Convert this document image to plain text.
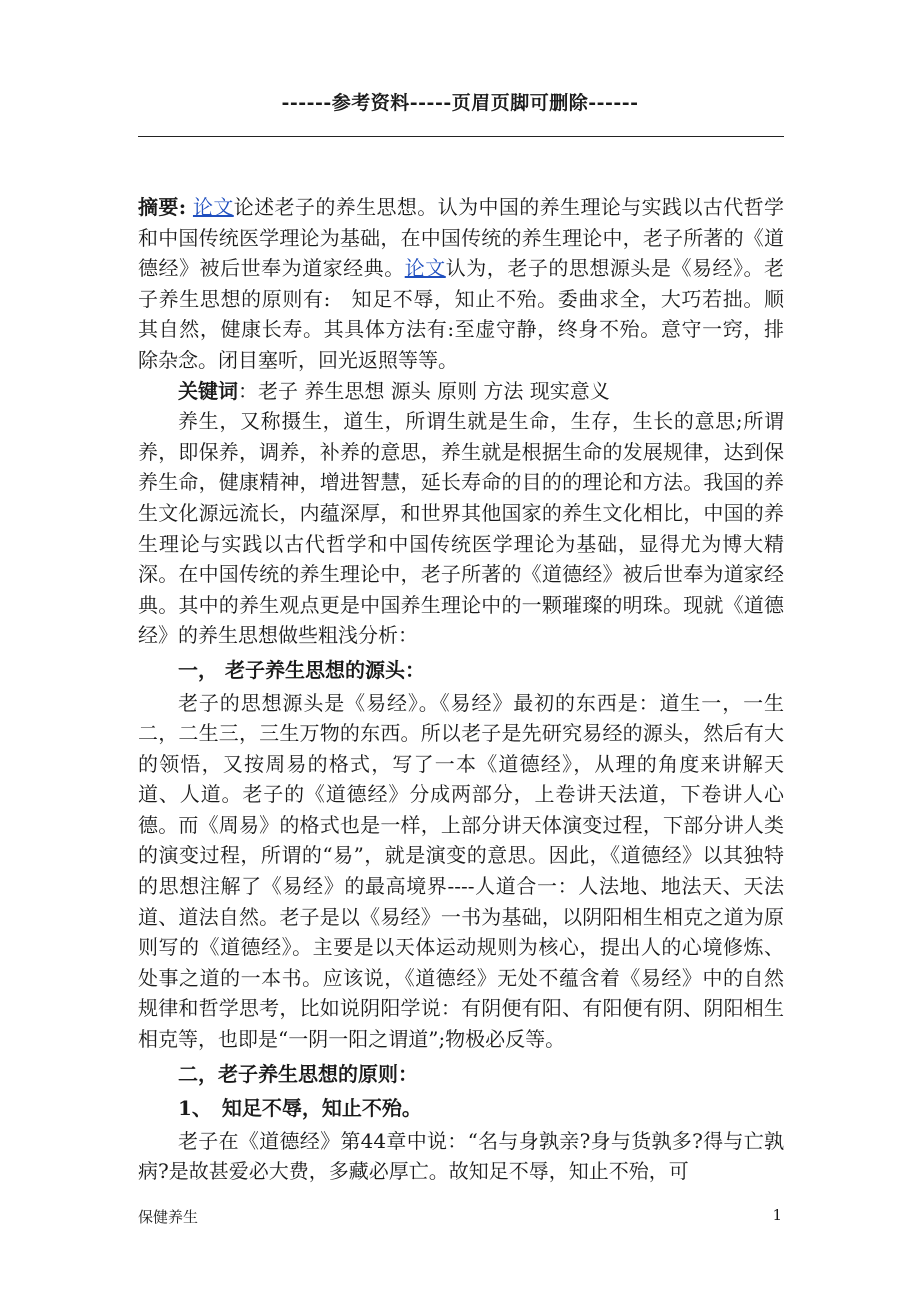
------参考资料-----页眉页脚可删除------

摘要: 论文论述老子的养生思想。认为中国的养生理论与实践以古代哲学和中国传统医学理论为基础，在中国传统的养生理论中，老子所著的《道德经》被后世奉为道家经典。论文认为，老子的思想源头是《易经》。老子养生思想的原则有:　知足不辱，知止不殆。委曲求全，大巧若拙。顺其自然，健康长寿。其具体方法有:至虚守静，终身不殆。意守一窍，排除杂念。闭目塞听，回光返照等等。

关键词：老子 养生思想 源头 原则 方法 现实意义

养生，又称摄生，道生，所谓生就是生命，生存，生长的意思;所谓养，即保养，调养，补养的意思，养生就是根据生命的发展规律，达到保养生命，健康精神，增进智慧，延长寿命的目的的理论和方法。我国的养生文化源远流长，内蕴深厚，和世界其他国家的养生文化相比，中国的养生理论与实践以古代哲学和中国传统医学理论为基础，显得尤为博大精深。在中国传统的养生理论中，老子所著的《道德经》被后世奉为道家经典。其中的养生观点更是中国养生理论中的一颗璀璨的明珠。现就《道德经》的养生思想做些粗浅分析：

一， 老子养生思想的源头：

老子的思想源头是《易经》。《易经》最初的东西是：道生一，一生二，二生三，三生万物的东西。所以老子是先研究易经的源头，然后有大的领悟，又按周易的格式，写了一本《道德经》，从理的角度来讲解天道、人道。老子的《道德经》分成两部分，上卷讲天法道，下卷讲人心德。而《周易》的格式也是一样，上部分讲天体演变过程，下部分讲人类的演变过程，所谓的“易”，就是演变的意思。因此，《道德经》以其独特的思想注解了《易经》的最高境界----人道合一：人法地、地法天、天法道、道法自然。老子是以《易经》一书为基础，以阴阳相生相克之道为原则写的《道德经》。主要是以天体运动规则为核心，提出人的心境修炼、处事之道的一本书。应该说，《道德经》无处不蕴含着《易经》中的自然规律和哲学思考，比如说阴阳学说：有阴便有阳、有阳便有阴、阴阳相生相克等，也即是“一阴一阳之谓道”;物极必反等。

二，老子养生思想的原则：

1、　知足不辱，知止不殆。

老子在《道德经》第44章中说：“名与身孰亲?身与货孰多?得与亡孰病?是故甚爱必大费，多藏必厚亡。故知足不辱，知止不殆，可

保健养生	1
